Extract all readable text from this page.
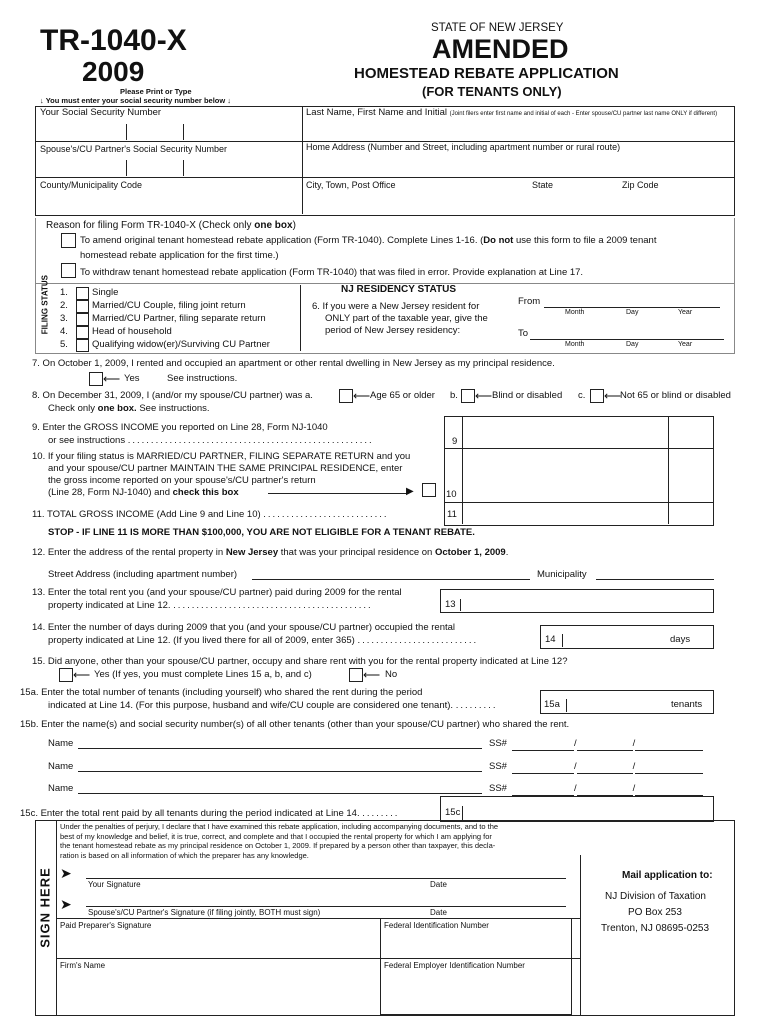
TR-1040-X
2009
Please Print or Type
↓ You must enter your social security number below ↓
STATE OF NEW JERSEY
AMENDED
HOMESTEAD REBATE APPLICATION
(FOR TENANTS ONLY)
Your Social Security Number	Last Name, First Name and Initial (Joint filers enter first name and initial of each - Enter spouse/CU partner last name ONLY if different)
Spouse's/CU Partner's Social Security Number	Home Address (Number and Street, including apartment number or rural route)
County/Municipality Code	City, Town, Post Office	State	Zip Code
Reason for filing Form TR-1040-X (Check only one box)
To amend original tenant homestead rebate application (Form TR-1040). Complete Lines 1-16. (Do not use this form to file a 2009 tenant
homestead rebate application for the first time.)
To withdraw tenant homestead rebate application (Form TR-1040) that was filed in error. Provide explanation at Line 17.
FILING STATUS 1.	Single
2.	Married/CU Couple, filing joint return
3.	Married/CU Partner, filing separate return
4.	Head of household
5.	Qualifying widow(er)/Surviving CU Partner
NJ RESIDENCY STATUS
6. If you were a New Jersey resident for
ONLY part of the taxable year, give the
period of New Jersey residency:
From
Month	Day	Year
To
Month	Day	Year
7. On October 1, 2009, I rented and occupied an apartment or other rental dwelling in New Jersey as my principal residence.
⟵ Yes	See instructions.
8. On December 31, 2009, I (and/or my spouse/CU partner) was a.	⟵ Age 65 or older b. ⟵ Blind or disabled c. ⟵
Not 65 or blind or disabled
Check only one box. See instructions.
9. Enter the GROSS INCOME you reported on Line 28, Form NJ-1040
or see instructions .....................................................	9
10. If your filing status is MARRIED/CU PARTNER, FILING SEPARATE RETURN and you
and your spouse/CU partner MAINTAIN THE SAME PRINCIPAL RESIDENCE, enter
the gross income reported on your spouse's/CU partner's return
(Line 28, Form NJ-1040) and check this box	▶	10
11. TOTAL GROSS INCOME (Add Line 9 and Line 10) ...........................	11
STOP - IF LINE 11 IS MORE THAN $100,000, YOU ARE NOT ELIGIBLE FOR A TENANT REBATE.
12. Enter the address of the rental property in New Jersey that was your principal residence on October 1, 2009.
Street Address (including apartment number)	Municipality
13. Enter the total rent you (and your spouse/CU partner) paid during 2009 for the rental
property indicated at Line 12. ...........................................	13
14. Enter the number of days during 2009 that you (and your spouse/CU partner) occupied the rental
property indicated at Line 12. (If you lived there for all of 2009, enter 365) ..........................	14	days
15. Did anyone, other than your spouse/CU partner, occupy and share rent with you for the rental property indicated at Line 12?
⟵ Yes (If yes, you must complete Lines 15 a, b, and c)	⟵ No
15a. Enter the total number of tenants (including yourself) who shared the rent during the period
indicated at Line 14. (For this purpose, husband and wife/CU couple are considered one tenant). .........	15a	tenants
15b. Enter the name(s) and social security number(s) of all other tenants (other than your spouse/CU partner) who shared the rent.
Name	SS#	/	/
Name	SS#	/	/
Name	SS#	/	/
15c. Enter the total rent paid by all tenants during the period indicated at Line 14. ........	15c
SIGN HERE
Under the penalties of perjury, I declare that I have examined this rebate application, including accompanying documents, and to the
best of my knowledge and belief, it is true, correct, and complete and that I occupied the rental property for which I am applying for
the tenant homestead rebate as my principal residence on October 1, 2009. If prepared by a person other than taxpayer, this decla-
ration is based on all information of which the preparer has any knowledge.
➤
Your Signature	Date
➤
Spouse's/CU Partner's Signature (if filing jointly, BOTH must sign)	Date
Paid Preparer's Signature	Federal Identification Number
Firm's Name	Federal Employer Identification Number
Mail application to:
NJ Division of Taxation
PO Box 253
Trenton, NJ 08695-0253
